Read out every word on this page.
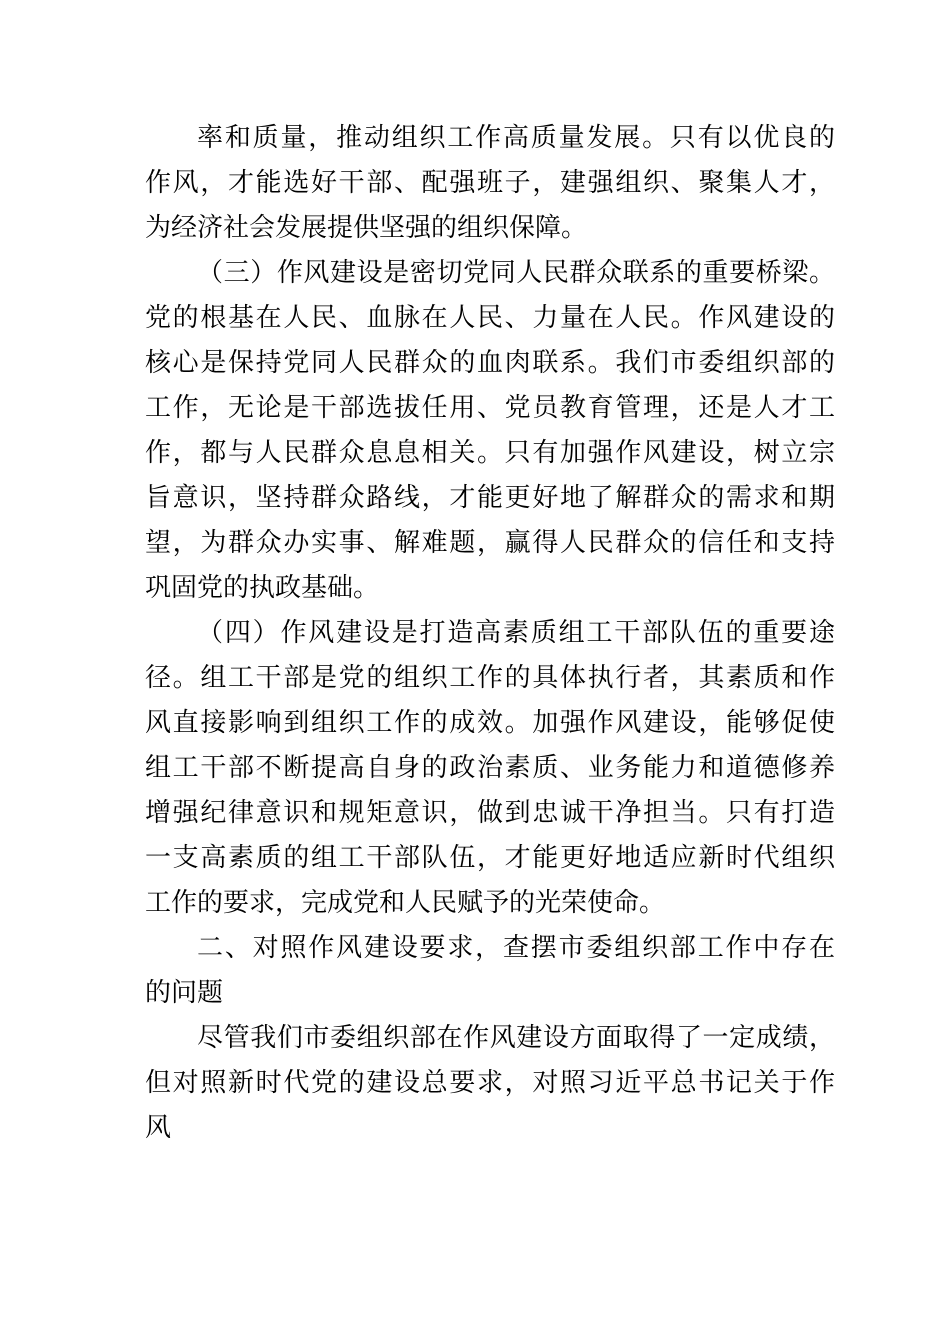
率和质量，推动组织工作高质量发展。只有以优良的
作风，才能选好干部、配强班子，建强组织、聚集人才，
为经济社会发展提供坚强的组织保障。
（三）作风建设是密切党同人民群众联系的重要桥梁。
党的根基在人民、血脉在人民、力量在人民。作风建设的
核心是保持党同人民群众的血肉联系。我们市委组织部的
工作，无论是干部选拔任用、党员教育管理，还是人才工
作，都与人民群众息息相关。只有加强作风建设，树立宗
旨意识，坚持群众路线，才能更好地了解群众的需求和期
望，为群众办实事、解难题，赢得人民群众的信任和支持
巩固党的执政基础。
（四）作风建设是打造高素质组工干部队伍的重要途
径。组工干部是党的组织工作的具体执行者，其素质和作
风直接影响到组织工作的成效。加强作风建设，能够促使
组工干部不断提高自身的政治素质、业务能力和道德修养
增强纪律意识和规矩意识，做到忠诚干净担当。只有打造
一支高素质的组工干部队伍，才能更好地适应新时代组织
工作的要求，完成党和人民赋予的光荣使命。
二、对照作风建设要求，查摆市委组织部工作中存在
的问题
尽管我们市委组织部在作风建设方面取得了一定成绩，
但对照新时代党的建设总要求，对照习近平总书记关于作
风
